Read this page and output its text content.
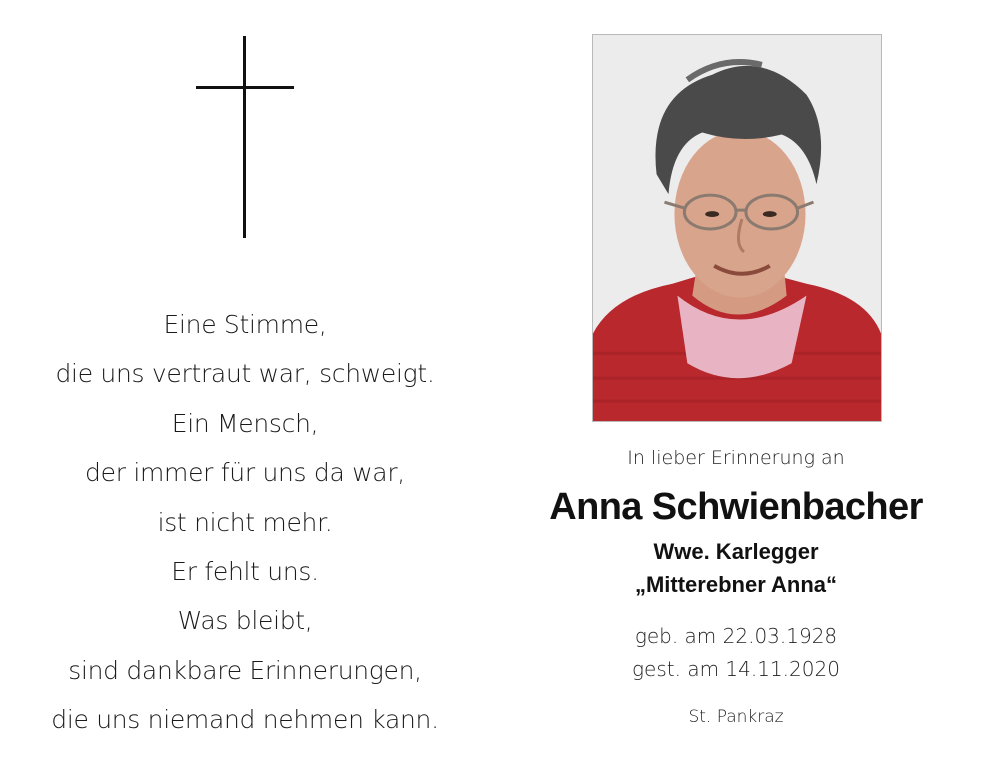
Eine Stimme,
die uns vertraut war, schweigt.
Ein Mensch,
der immer für uns da war,
ist nicht mehr.
Er fehlt uns.
Was bleibt,
sind dankbare Erinnerungen,
die uns niemand nehmen kann.
In lieber Erinnerung an
Anna Schwienbacher
Wwe. Karlegger
„Mitterebner Anna“
geb. am 22.03.1928
gest. am 14.11.2020
St. Pankraz
